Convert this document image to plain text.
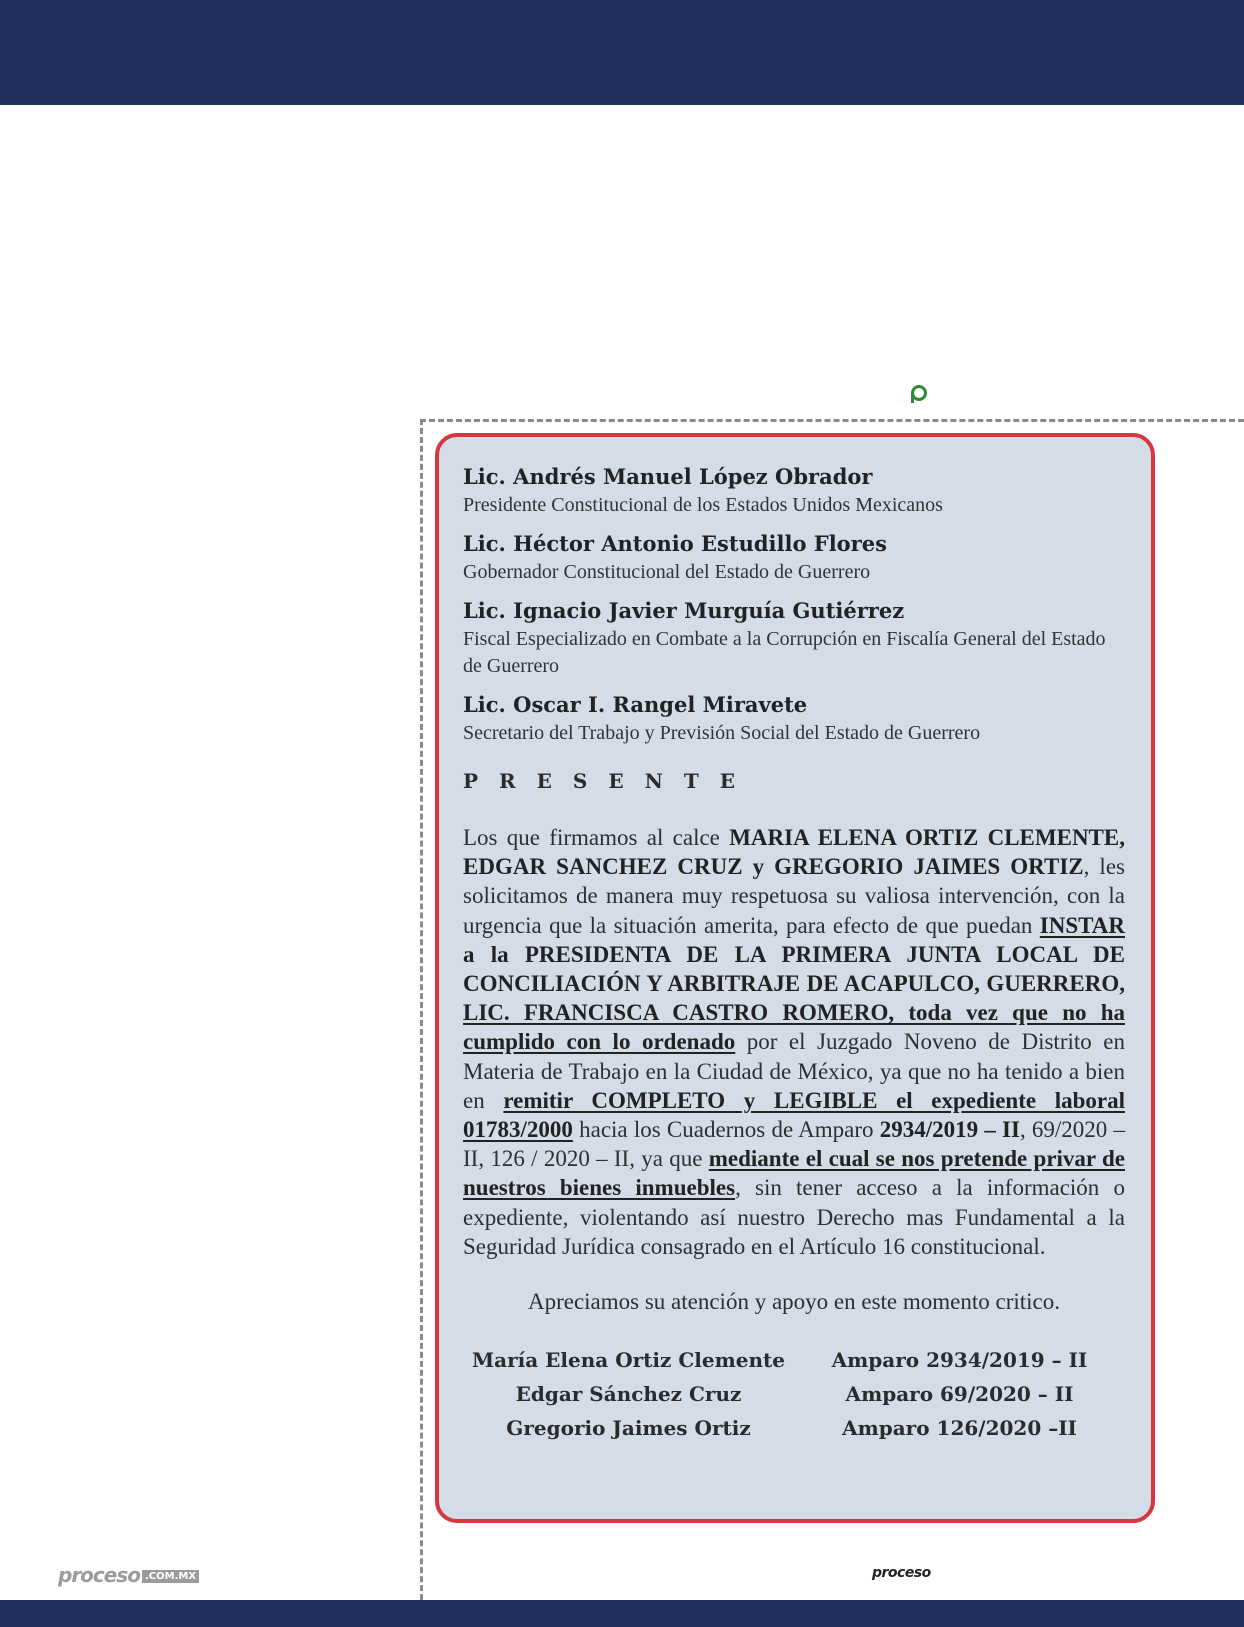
Lic. Andrés Manuel López Obrador
Presidente Constitucional de los Estados Unidos Mexicanos
Lic. Héctor Antonio Estudillo Flores
Gobernador Constitucional del Estado de Guerrero
Lic. Ignacio Javier Murguía Gutiérrez
Fiscal Especializado en Combate a la Corrupción en Fiscalía General del Estado de Guerrero
Lic. Oscar I. Rangel Miravete
Secretario del Trabajo y Previsión Social del Estado de Guerrero
PRESENTE
Los que firmamos al calce MARIA ELENA ORTIZ CLEMENTE, EDGAR SANCHEZ CRUZ y GREGORIO JAIMES ORTIZ, les solicitamos de manera muy respetuosa su valiosa intervención, con la urgencia que la situación amerita, para efecto de que puedan INSTAR a la PRESIDENTA DE LA PRIMERA JUNTA LOCAL DE CONCILIACIÓN Y ARBITRAJE DE ACAPULCO, GUERRERO, LIC. FRANCISCA CASTRO ROMERO, toda vez que no ha cumplido con lo ordenado por el Juzgado Noveno de Distrito en Materia de Trabajo en la Ciudad de México, ya que no ha tenido a bien en remitir COMPLETO y LEGIBLE el expediente laboral 01783/2000 hacia los Cuadernos de Amparo 2934/2019 – II, 69/2020 – II, 126 / 2020 – II, ya que mediante el cual se nos pretende privar de nuestros bienes inmuebles, sin tener acceso a la información o expediente, violentando así nuestro Derecho mas Fundamental a la Seguridad Jurídica consagrado en el Artículo 16 constitucional.
Apreciamos su atención y apoyo en este momento critico.
María Elena Ortiz Clemente
Edgar Sánchez Cruz
Gregorio Jaimes Ortiz
Amparo 2934/2019 – II
Amparo 69/2020 – II
Amparo 126/2020 –II
proceso .COM.MX	proceso
